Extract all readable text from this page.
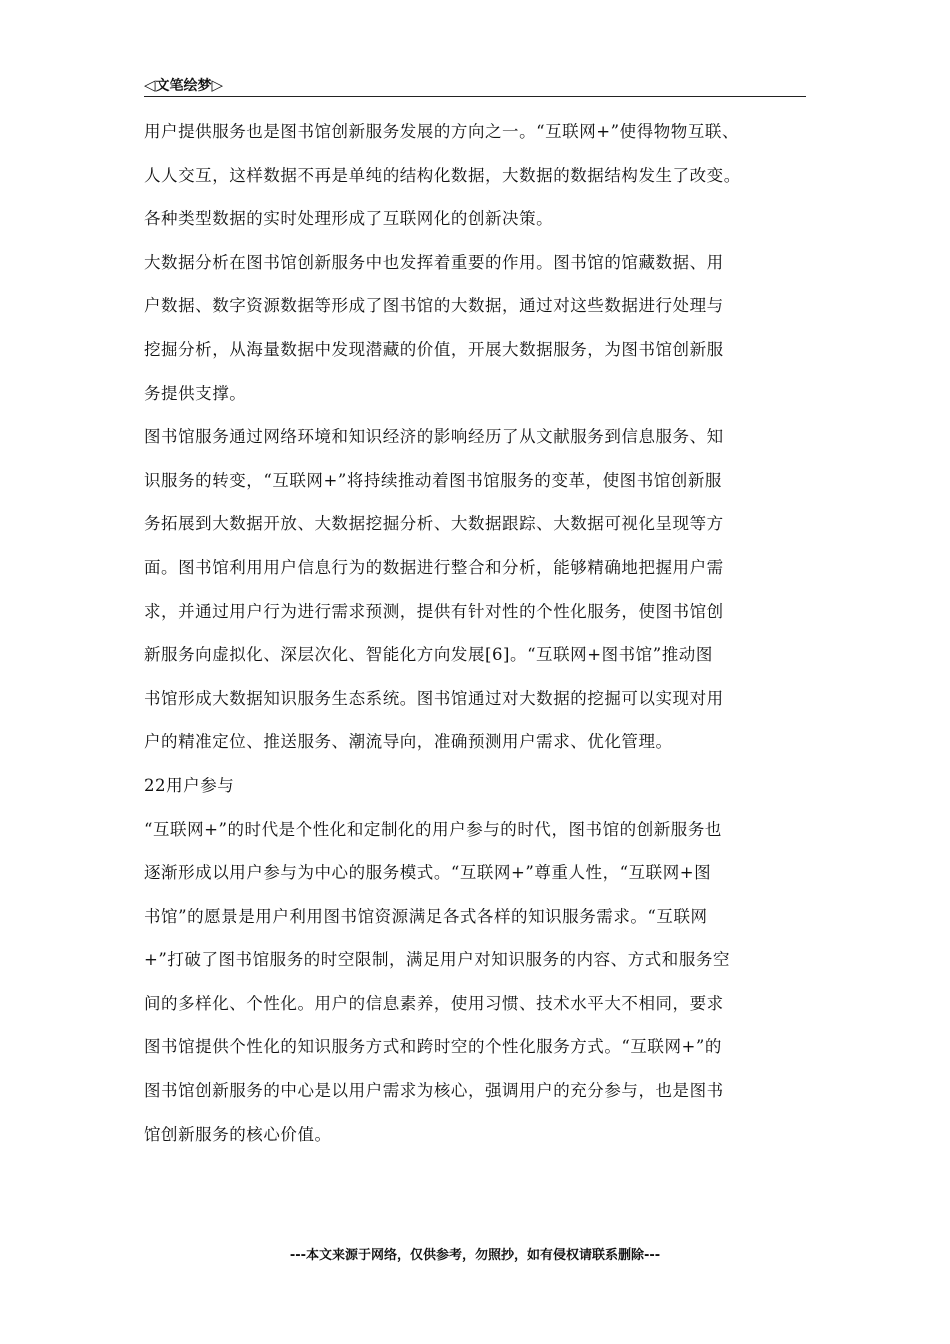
◁文笔绘梦▷
用户提供服务也是图书馆创新服务发展的方向之一。“互联网+”使得物物互联、
人人交互，这样数据不再是单纯的结构化数据，大数据的数据结构发生了改变。
各种类型数据的实时处理形成了互联网化的创新决策。
大数据分析在图书馆创新服务中也发挥着重要的作用。图书馆的馆藏数据、用
户数据、数字资源数据等形成了图书馆的大数据，通过对这些数据进行处理与
挖掘分析，从海量数据中发现潜藏的价值，开展大数据服务，为图书馆创新服
务提供支撑。
图书馆服务通过网络环境和知识经济的影响经历了从文献服务到信息服务、知
识服务的转变，“互联网+”将持续推动着图书馆服务的变革，使图书馆创新服
务拓展到大数据开放、大数据挖掘分析、大数据跟踪、大数据可视化呈现等方
面。图书馆利用用户信息行为的数据进行整合和分析，能够精确地把握用户需
求，并通过用户行为进行需求预测，提供有针对性的个性化服务，使图书馆创
新服务向虚拟化、深层次化、智能化方向发展[6]。“互联网+图书馆”推动图
书馆形成大数据知识服务生态系统。图书馆通过对大数据的挖掘可以实现对用
户的精准定位、推送服务、潮流导向，准确预测用户需求、优化管理。
22用户参与
“互联网+”的时代是个性化和定制化的用户参与的时代，图书馆的创新服务也
逐渐形成以用户参与为中心的服务模式。“互联网+”尊重人性，“互联网+图
书馆”的愿景是用户利用图书馆资源满足各式各样的知识服务需求。“互联网
+”打破了图书馆服务的时空限制，满足用户对知识服务的内容、方式和服务空
间的多样化、个性化。用户的信息素养，使用习惯、技术水平大不相同，要求
图书馆提供个性化的知识服务方式和跨时空的个性化服务方式。“互联网+”的
图书馆创新服务的中心是以用户需求为核心，强调用户的充分参与，也是图书
馆创新服务的核心价值。
---本文来源于网络，仅供参考，勿照抄，如有侵权请联系删除---
